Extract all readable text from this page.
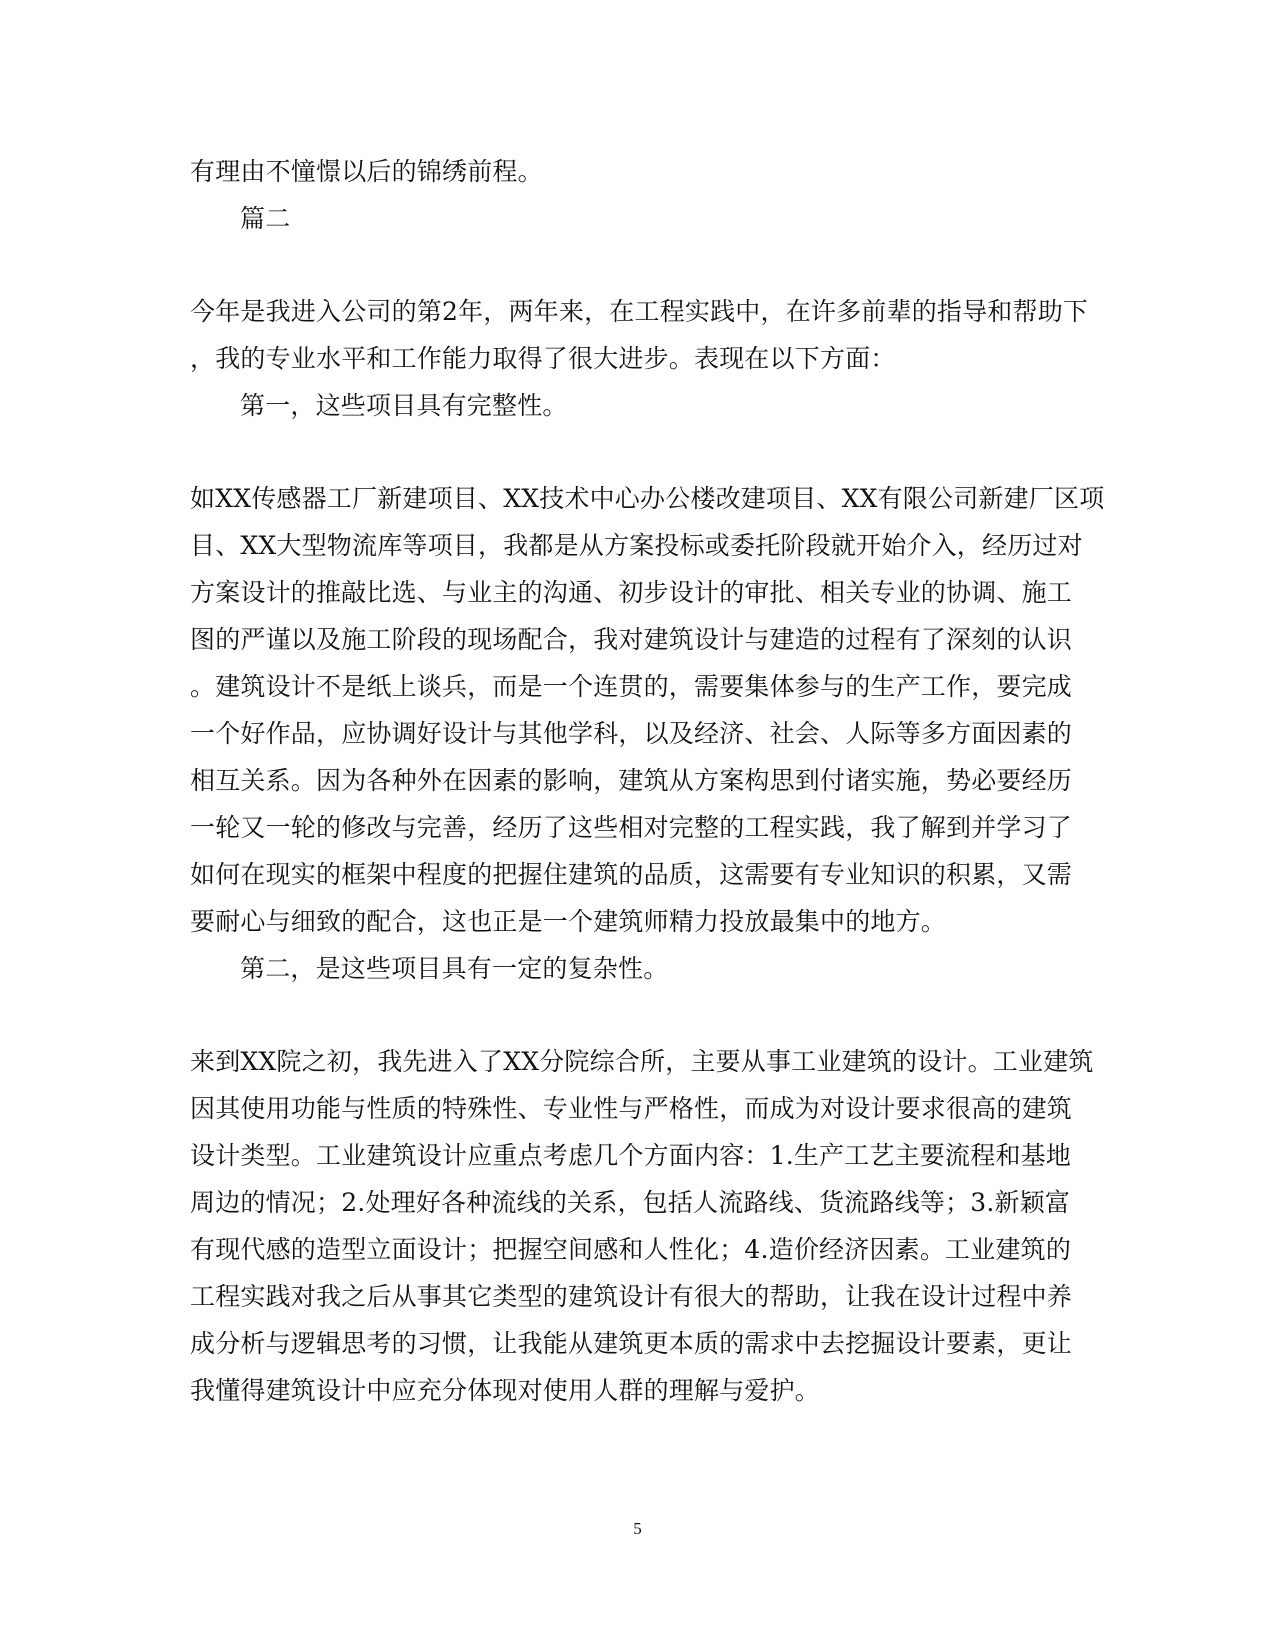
有理由不憧憬以后的锦绣前程。
篇二
今年是我进入公司的第2年，两年来，在工程实践中，在许多前辈的指导和帮助下
，我的专业水平和工作能力取得了很大进步。表现在以下方面：
第一，这些项目具有完整性。
如XX传感器工厂新建项目、XX技术中心办公楼改建项目、XX有限公司新建厂区项
目、XX大型物流库等项目，我都是从方案投标或委托阶段就开始介入，经历过对
方案设计的推敲比选、与业主的沟通、初步设计的审批、相关专业的协调、施工
图的严谨以及施工阶段的现场配合，我对建筑设计与建造的过程有了深刻的认识
。建筑设计不是纸上谈兵，而是一个连贯的，需要集体参与的生产工作，要完成
一个好作品，应协调好设计与其他学科，以及经济、社会、人际等多方面因素的
相互关系。因为各种外在因素的影响，建筑从方案构思到付诸实施，势必要经历
一轮又一轮的修改与完善，经历了这些相对完整的工程实践，我了解到并学习了
如何在现实的框架中程度的把握住建筑的品质，这需要有专业知识的积累，又需
要耐心与细致的配合，这也正是一个建筑师精力投放最集中的地方。
第二，是这些项目具有一定的复杂性。
来到XX院之初，我先进入了XX分院综合所，主要从事工业建筑的设计。工业建筑
因其使用功能与性质的特殊性、专业性与严格性，而成为对设计要求很高的建筑
设计类型。工业建筑设计应重点考虑几个方面内容：1.生产工艺主要流程和基地
周边的情况；2.处理好各种流线的关系，包括人流路线、货流路线等；3.新颖富
有现代感的造型立面设计；把握空间感和人性化；4.造价经济因素。工业建筑的
工程实践对我之后从事其它类型的建筑设计有很大的帮助，让我在设计过程中养
成分析与逻辑思考的习惯，让我能从建筑更本质的需求中去挖掘设计要素，更让
我懂得建筑设计中应充分体现对使用人群的理解与爱护。
5
